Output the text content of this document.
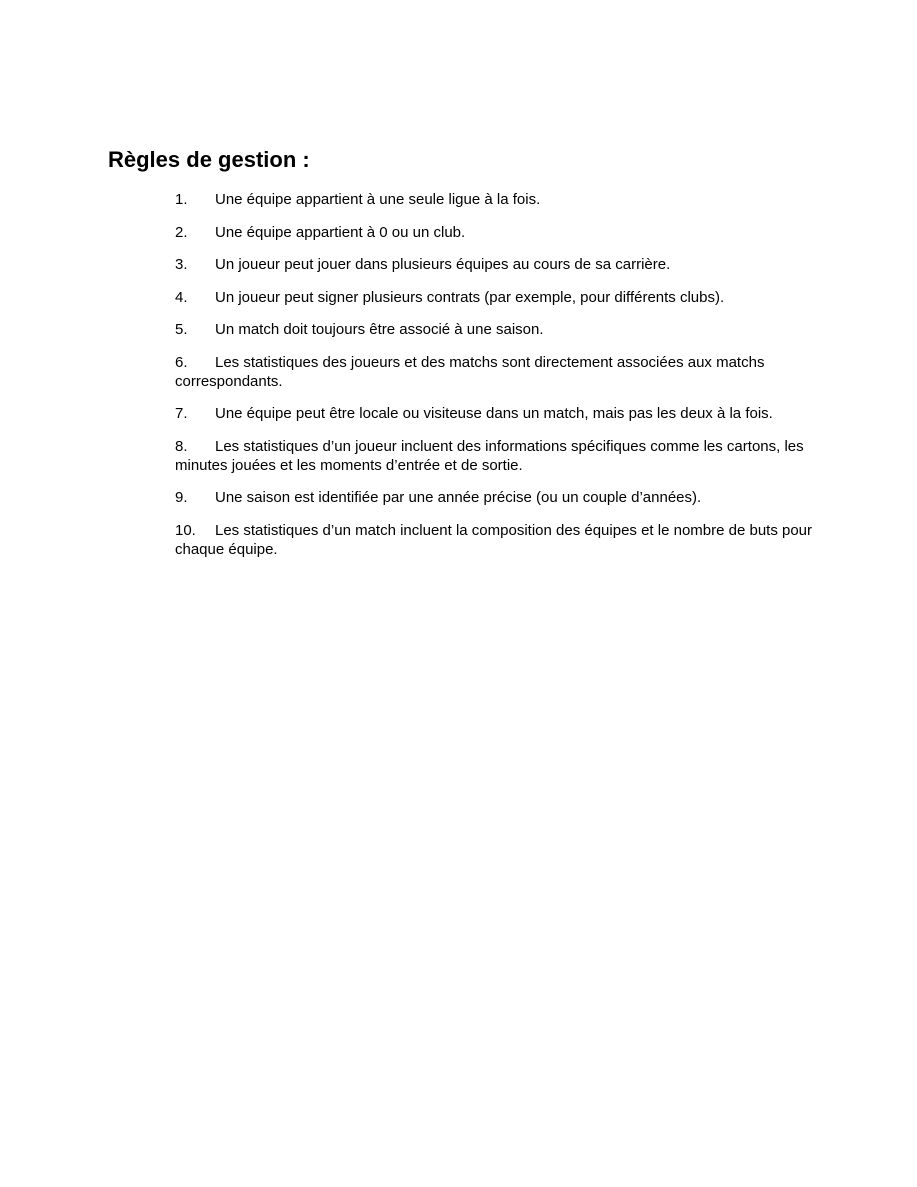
Règles de gestion :
1. Une équipe appartient à une seule ligue à la fois.
2. Une équipe appartient à 0 ou un club.
3. Un joueur peut jouer dans plusieurs équipes au cours de sa carrière.
4. Un joueur peut signer plusieurs contrats (par exemple, pour différents clubs).
5. Un match doit toujours être associé à une saison.
6. Les statistiques des joueurs et des matchs sont directement associées aux matchs correspondants.
7. Une équipe peut être locale ou visiteuse dans un match, mais pas les deux à la fois.
8. Les statistiques d’un joueur incluent des informations spécifiques comme les cartons, les minutes jouées et les moments d’entrée et de sortie.
9. Une saison est identifiée par une année précise (ou un couple d’années).
10. Les statistiques d’un match incluent la composition des équipes et le nombre de buts pour chaque équipe.
